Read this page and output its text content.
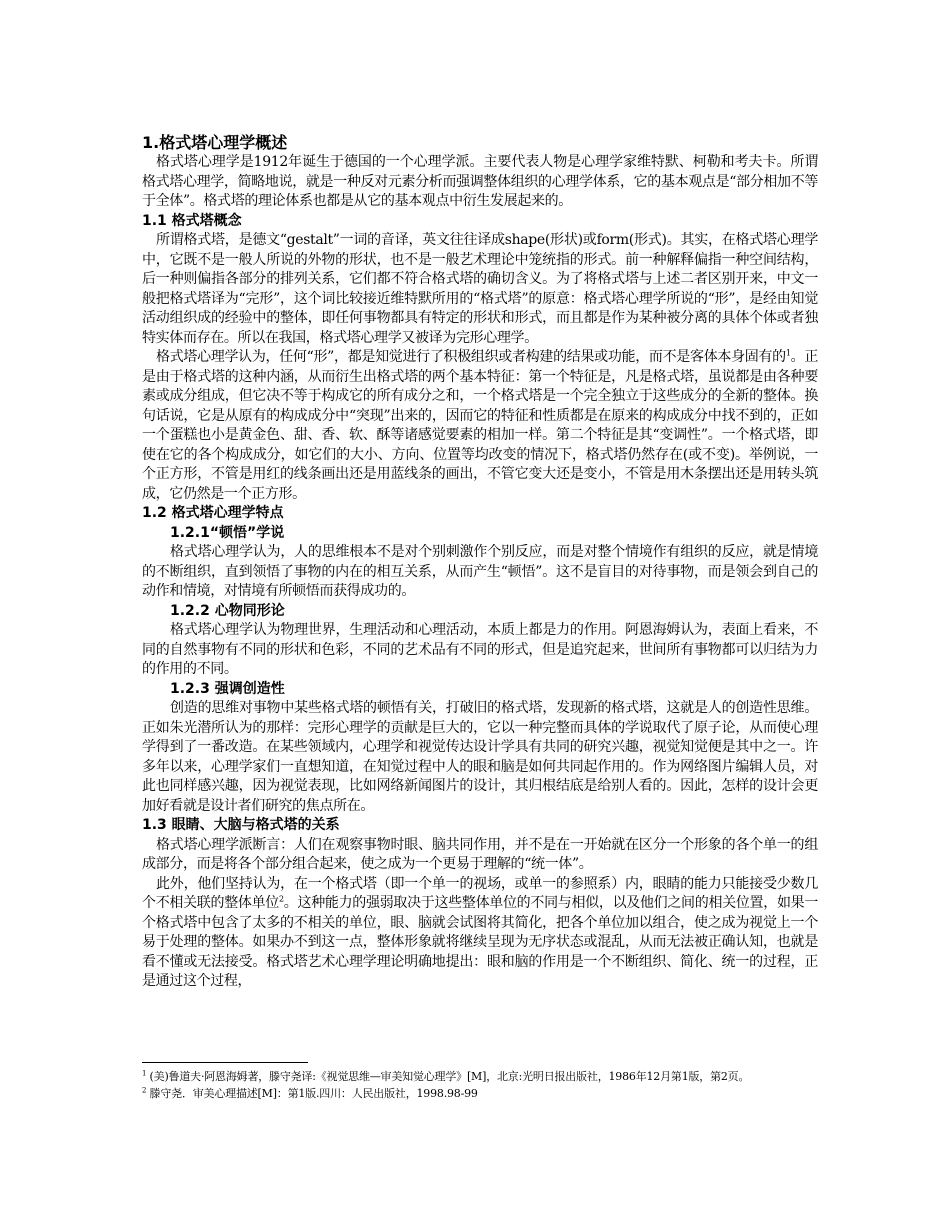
1.格式塔心理学概述

格式塔心理学是1912年诞生于德国的一个心理学派。主要代表人物是心理学家维特默、柯勒和考夫卡。所谓格式塔心理学，简略地说，就是一种反对元素分析而强调整体组织的心理学体系，它的基本观点是“部分相加不等于全体”。格式塔的理论体系也都是从它的基本观点中衍生发展起来的。

1.1 格式塔概念

所谓格式塔，是德文“gestalt”一词的音译，英文往往译成shape(形状)或form(形式)。其实，在格式塔心理学中，它既不是一般人所说的外物的形状，也不是一般艺术理论中笼统指的形式。前一种解释偏指一种空间结构，后一种则偏指各部分的排列关系，它们都不符合格式塔的确切含义。为了将格式塔与上述二者区别开来，中文一般把格式塔译为“完形”，这个词比较接近维特默所用的“格式塔”的原意：格式塔心理学所说的“形”，是经由知觉活动组织成的经验中的整体，即任何事物都具有特定的形状和形式，而且都是作为某种被分离的具体个体或者独特实体而存在。所以在我国，格式塔心理学又被译为完形心理学。

格式塔心理学认为，任何“形”，都是知觉进行了积极组织或者构建的结果或功能，而不是客体本身固有的$^1$。正是由于格式塔的这种内涵，从而衍生出格式塔的两个基本特征：第一个特征是，凡是格式塔，虽说都是由各种要素或成分组成，但它决不等于构成它的所有成分之和，一个格式塔是一个完全独立于这些成分的全新的整体。换句话说，它是从原有的构成成分中“突现”出来的，因而它的特征和性质都是在原来的构成成分中找不到的，正如一个蛋糕也小是黄金色、甜、香、软、酥等诸感觉要素的相加一样。第二个特征是其“变调性”。一个格式塔，即使在它的各个构成成分，如它们的大小、方向、位置等均改变的情况下，格式塔仍然存在(或不变)。举例说，一个正方形，不管是用红的线条画出还是用蓝线条的画出，不管它变大还是变小，不管是用木条摆出还是用转头筑成，它仍然是一个正方形。

1.2 格式塔心理学特点
1.2.1“顿悟”学说

格式塔心理学认为，人的思维根本不是对个别刺激作个别反应，而是对整个情境作有组织的反应，就是情境的不断组织，直到领悟了事物的内在的相互关系，从而产生“顿悟”。这不是盲目的对待事物，而是领会到自己的动作和情境，对情境有所顿悟而获得成功的。

1.2.2 心物同形论

格式塔心理学认为物理世界，生理活动和心理活动，本质上都是力的作用。阿恩海姆认为，表面上看来，不同的自然事物有不同的形状和色彩，不同的艺术品有不同的形式，但是追究起来，世间所有事物都可以归结为力的作用的不同。

1.2.3 强调创造性

创造的思维对事物中某些格式塔的顿悟有关，打破旧的格式塔，发现新的格式塔，这就是人的创造性思维。正如朱光潜所认为的那样：完形心理学的贡献是巨大的，它以一种完整而具体的学说取代了原子论，从而使心理学得到了一番改造。在某些领域内，心理学和视觉传达设计学具有共同的研究兴趣，视觉知觉便是其中之一。许多年以来，心理学家们一直想知道，在知觉过程中人的眼和脑是如何共同起作用的。作为网络图片编辑人员，对此也同样感兴趣，因为视觉表现，比如网络新闻图片的设计，其归根结底是给别人看的。因此，怎样的设计会更加好看就是设计者们研究的焦点所在。

1.3 眼睛、大脑与格式塔的关系

格式塔心理学派断言：人们在观察事物时眼、脑共同作用，并不是在一开始就在区分一个形象的各个单一的组成部分，而是将各个部分组合起来，使之成为一个更易于理解的“统一体”。

此外，他们坚持认为，在一个格式塔（即一个单一的视场，或单一的参照系）内，眼睛的能力只能接受少数几个不相关联的整体单位$^2$。这种能力的强弱取决于这些整体单位的不同与相似，以及他们之间的相关位置，如果一个格式塔中包含了太多的不相关的单位，眼、脑就会试图将其简化，把各个单位加以组合，使之成为视觉上一个易于处理的整体。如果办不到这一点，整体形象就将继续呈现为无序状态或混乱，从而无法被正确认知，也就是看不懂或无法接受。格式塔艺术心理学理论明确地提出：眼和脑的作用是一个不断组织、简化、统一的过程，正是通过这个过程，

$^1$ (美)鲁道夫·阿恩海姆著，滕守尧译:《视觉思维—审美知觉心理学》[M]，北京:光明日报出版社，1986年12月第1版，第2页。

$^2$ 滕守尧．审美心理描述[M]：第1版.四川：人民出版社，1998.98-99
